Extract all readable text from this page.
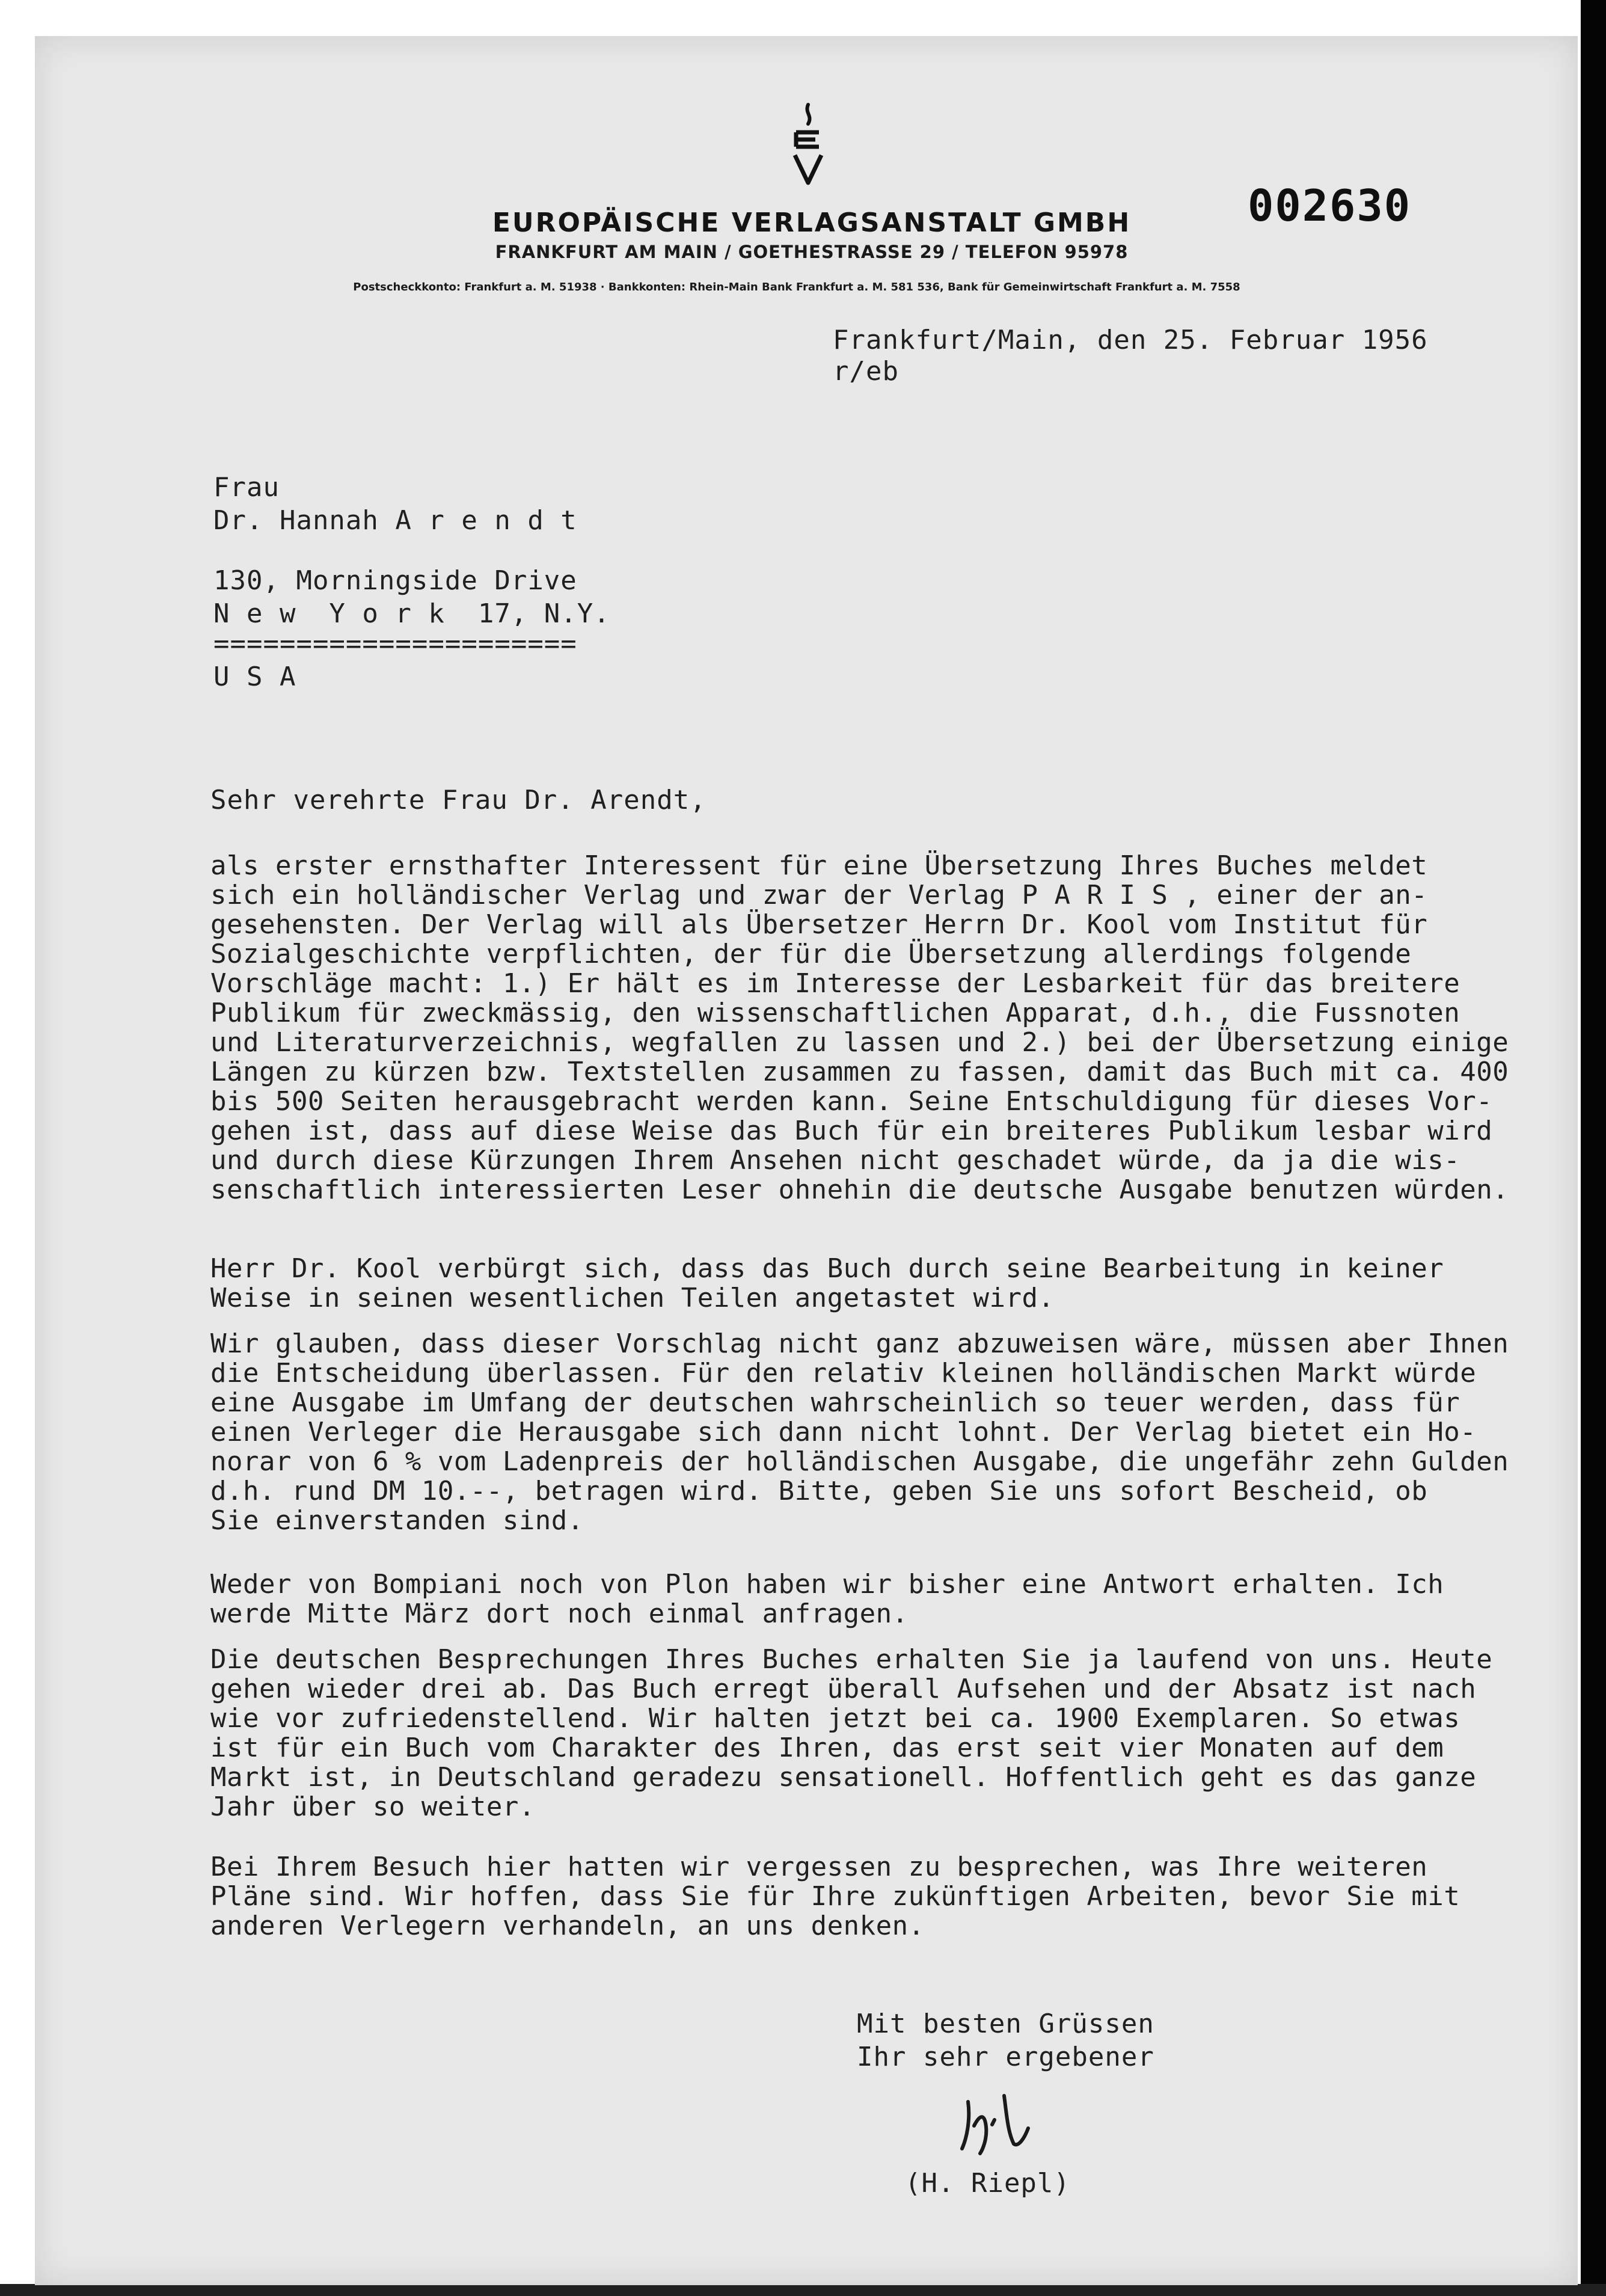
EUROPÄISCHE VERLAGSANSTALT GMBH
FRANKFURT AM MAIN / GOETHESTRASSE 29 / TELEFON 95978
Postscheckkonto: Frankfurt a. M. 51938 · Bankkonten: Rhein-Main Bank Frankfurt a. M. 581 536, Bank für Gemeinwirtschaft Frankfurt a. M. 7558
002630
Frankfurt/Main, den 25. Februar 1956
r/eb
Frau
Dr. Hannah A r e n d t
130, Morningside Drive
N e w  Y o r k  17, N.Y.
======================
U S A
Sehr verehrte Frau Dr. Arendt,
als erster ernsthafter Interessent für eine Übersetzung Ihres Buches meldet
sich ein holländischer Verlag und zwar der Verlag P A R I S , einer der an-
gesehensten. Der Verlag will als Übersetzer Herrn Dr. Kool vom Institut für
Sozialgeschichte verpflichten, der für die Übersetzung allerdings folgende
Vorschläge macht: 1.) Er hält es im Interesse der Lesbarkeit für das breitere
Publikum für zweckmässig, den wissenschaftlichen Apparat, d.h., die Fussnoten
und Literaturverzeichnis, wegfallen zu lassen und 2.) bei der Übersetzung einige
Längen zu kürzen bzw. Textstellen zusammen zu fassen, damit das Buch mit ca. 400
bis 500 Seiten herausgebracht werden kann. Seine Entschuldigung für dieses Vor-
gehen ist, dass auf diese Weise das Buch für ein breiteres Publikum lesbar wird
und durch diese Kürzungen Ihrem Ansehen nicht geschadet würde, da ja die wis-
senschaftlich interessierten Leser ohnehin die deutsche Ausgabe benutzen würden.
Herr Dr. Kool verbürgt sich, dass das Buch durch seine Bearbeitung in keiner
Weise in seinen wesentlichen Teilen angetastet wird.
Wir glauben, dass dieser Vorschlag nicht ganz abzuweisen wäre, müssen aber Ihnen
die Entscheidung überlassen. Für den relativ kleinen holländischen Markt würde
eine Ausgabe im Umfang der deutschen wahrscheinlich so teuer werden, dass für
einen Verleger die Herausgabe sich dann nicht lohnt. Der Verlag bietet ein Ho-
norar von 6 % vom Ladenpreis der holländischen Ausgabe, die ungefähr zehn Gulden
d.h. rund DM 10.--, betragen wird. Bitte, geben Sie uns sofort Bescheid, ob
Sie einverstanden sind.
Weder von Bompiani noch von Plon haben wir bisher eine Antwort erhalten. Ich
werde Mitte März dort noch einmal anfragen.
Die deutschen Besprechungen Ihres Buches erhalten Sie ja laufend von uns. Heute
gehen wieder drei ab. Das Buch erregt überall Aufsehen und der Absatz ist nach
wie vor zufriedenstellend. Wir halten jetzt bei ca. 1900 Exemplaren. So etwas
ist für ein Buch vom Charakter des Ihren, das erst seit vier Monaten auf dem
Markt ist, in Deutschland geradezu sensationell. Hoffentlich geht es das ganze
Jahr über so weiter.
Bei Ihrem Besuch hier hatten wir vergessen zu besprechen, was Ihre weiteren
Pläne sind. Wir hoffen, dass Sie für Ihre zukünftigen Arbeiten, bevor Sie mit
anderen Verlegern verhandeln, an uns denken.
Mit besten Grüssen
Ihr sehr ergebener
(H. Riepl)
